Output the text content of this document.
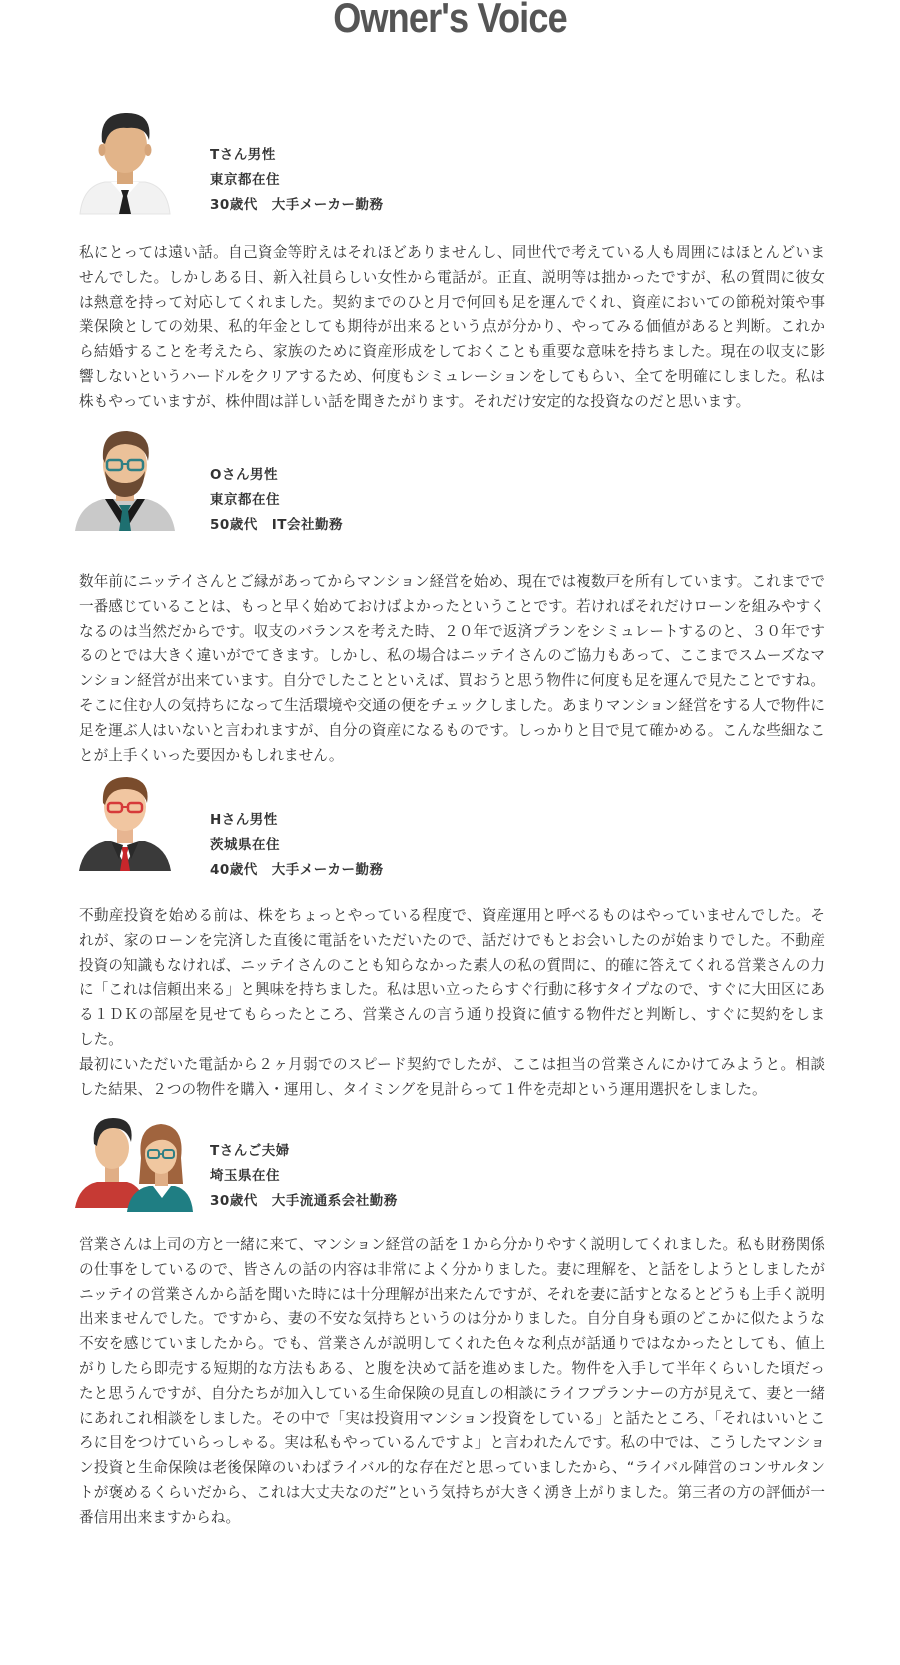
Owner's Voice
Tさん男性
東京都在住
30歳代　大手メーカー勤務

私にとっては遠い話。自己資金等貯えはそれほどありませんし、同世代で考えている人も周囲にはほとんどいませんでした。しかしある日、新入社員らしい女性から電話が。正直、説明等は拙かったですが、私の質問に彼女は熱意を持って対応してくれました。契約までのひと月で何回も足を運んでくれ、資産においての節税対策や事業保険としての効果、私的年金としても期待が出来るという点が分かり、やってみる価値があると判断。これから結婚することを考えたら、家族のために資産形成をしておくことも重要な意味を持ちました。現在の収支に影響しないというハードルをクリアするため、何度もシミュレーションをしてもらい、全てを明確にしました。私は株もやっていますが、株仲間は詳しい話を聞きたがります。それだけ安定的な投資なのだと思います。

Oさん男性
東京都在住
50歳代　IT会社勤務

数年前にニッテイさんとご縁があってからマンション経営を始め、現在では複数戸を所有しています。これまでで一番感じていることは、もっと早く始めておけばよかったということです。若ければそれだけローンを組みやすくなるのは当然だからです。収支のバランスを考えた時、２０年で返済プランをシミュレートするのと、３０年でするのとでは大きく違いがでてきます。しかし、私の場合はニッテイさんのご協力もあって、ここまでスムーズなマンション経営が出来ています。自分でしたことといえば、買おうと思う物件に何度も足を運んで見たことですね。そこに住む人の気持ちになって生活環境や交通の便をチェックしました。あまりマンション経営をする人で物件に足を運ぶ人はいないと言われますが、自分の資産になるものです。しっかりと目で見て確かめる。こんな些細なことが上手くいった要因かもしれません。

Hさん男性
茨城県在住
40歳代　大手メーカー勤務

不動産投資を始める前は、株をちょっとやっている程度で、資産運用と呼べるものはやっていませんでした。それが、家のローンを完済した直後に電話をいただいたので、話だけでもとお会いしたのが始まりでした。不動産投資の知識もなければ、ニッテイさんのことも知らなかった素人の私の質問に、的確に答えてくれる営業さんの力に「これは信頼出来る」と興味を持ちました。私は思い立ったらすぐ行動に移すタイプなので、すぐに大田区にある１ＤＫの部屋を見せてもらったところ、営業さんの言う通り投資に値する物件だと判断し、すぐに契約をしました。

最初にいただいた電話から２ヶ月弱でのスピード契約でしたが、ここは担当の営業さんにかけてみようと。相談した結果、２つの物件を購入・運用し、タイミングを見計らって１件を売却という運用選択をしました。

Tさんご夫婦
埼玉県在住
30歳代　大手流通系会社勤務

営業さんは上司の方と一緒に来て、マンション経営の話を１から分かりやすく説明してくれました。私も財務関係の仕事をしているので、皆さんの話の内容は非常によく分かりました。妻に理解を、と話をしようとしましたがニッテイの営業さんから話を聞いた時には十分理解が出来たんですが、それを妻に話すとなるとどうも上手く説明出来ませんでした。ですから、妻の不安な気持ちというのは分かりました。自分自身も頭のどこかに似たような不安を感じていましたから。でも、営業さんが説明してくれた色々な利点が話通りではなかったとしても、値上がりしたら即売する短期的な方法もある、と腹を決めて話を進めました。物件を入手して半年くらいした頃だったと思うんですが、自分たちが加入している生命保険の見直しの相談にライフプランナーの方が見えて、妻と一緒にあれこれ相談をしました。その中で「実は投資用マンション投資をしている」と話たところ、「それはいいところに目をつけていらっしゃる。実は私もやっているんですよ」と言われたんです。私の中では、こうしたマンション投資と生命保険は老後保障のいわばライバル的な存在だと思っていましたから、“ライバル陣営のコンサルタントが褒めるくらいだから、これは大丈夫なのだ”という気持ちが大きく湧き上がりました。第三者の方の評価が一番信用出来ますからね。
